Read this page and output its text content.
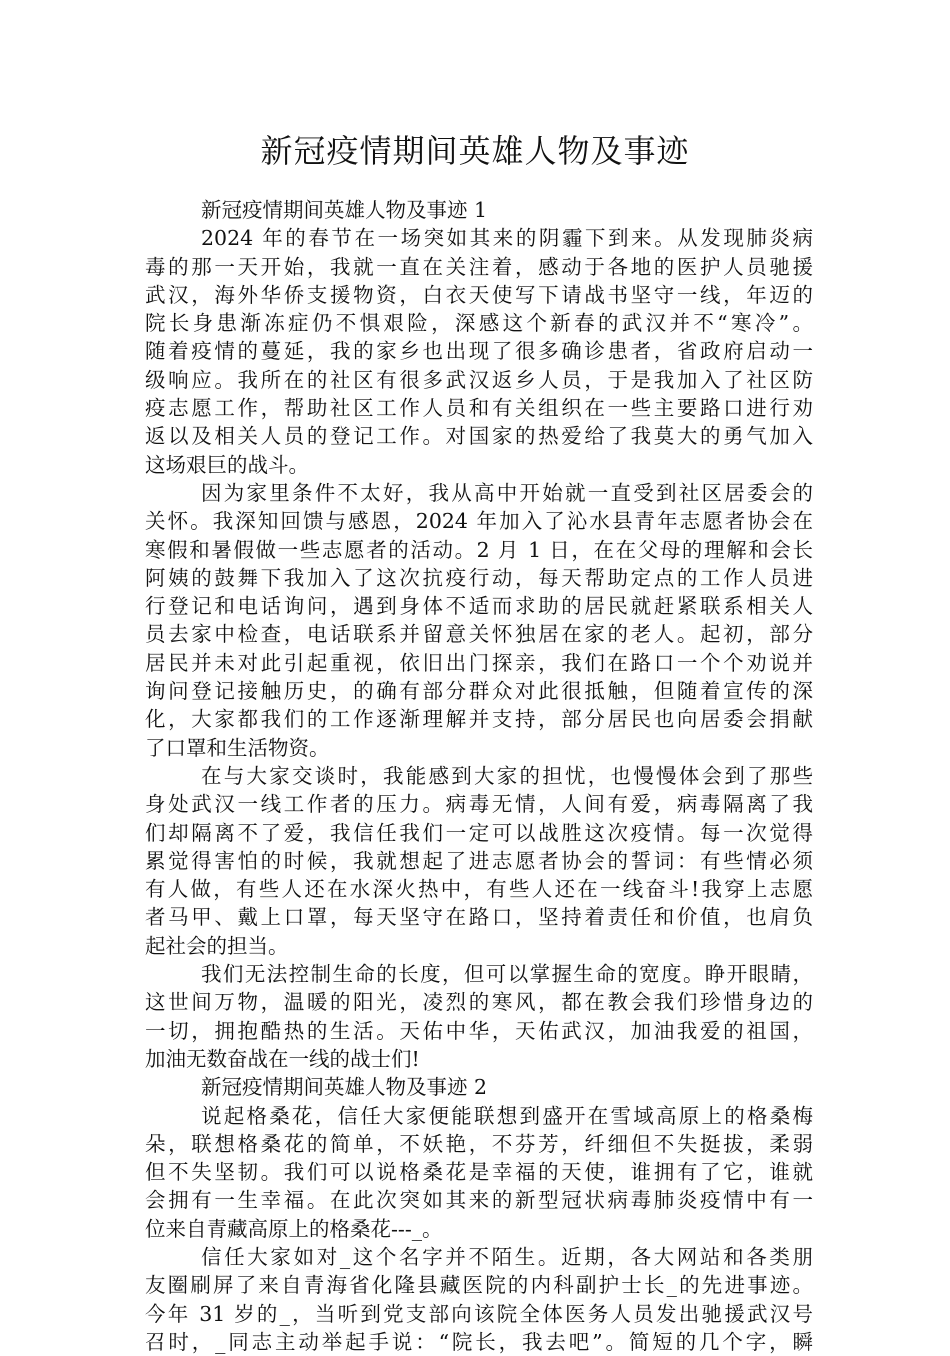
新冠疫情期间英雄人物及事迹
新冠疫情期间英雄人物及事迹 1
2024 年的春节在一场突如其来的阴霾下到来。从发现肺炎病
毒的那一天开始，我就一直在关注着，感动于各地的医护人员驰援
武汉，海外华侨支援物资，白衣天使写下请战书坚守一线，年迈的
院长身患渐冻症仍不惧艰险，深感这个新春的武汉并不“寒冷”。
随着疫情的蔓延，我的家乡也出现了很多确诊患者，省政府启动一
级响应。我所在的社区有很多武汉返乡人员，于是我加入了社区防
疫志愿工作，帮助社区工作人员和有关组织在一些主要路口进行劝
返以及相关人员的登记工作。对国家的热爱给了我莫大的勇气加入
这场艰巨的战斗。
因为家里条件不太好，我从高中开始就一直受到社区居委会的
关怀。我深知回馈与感恩，2024 年加入了沁水县青年志愿者协会在
寒假和暑假做一些志愿者的活动。2 月 1 日，在在父母的理解和会长
阿姨的鼓舞下我加入了这次抗疫行动，每天帮助定点的工作人员进
行登记和电话询问，遇到身体不适而求助的居民就赶紧联系相关人
员去家中检查，电话联系并留意关怀独居在家的老人。起初，部分
居民并未对此引起重视，依旧出门探亲，我们在路口一个个劝说并
询问登记接触历史，的确有部分群众对此很抵触，但随着宣传的深
化，大家都我们的工作逐渐理解并支持，部分居民也向居委会捐献
了口罩和生活物资。
在与大家交谈时，我能感到大家的担忧，也慢慢体会到了那些
身处武汉一线工作者的压力。病毒无情，人间有爱，病毒隔离了我
们却隔离不了爱，我信任我们一定可以战胜这次疫情。每一次觉得
累觉得害怕的时候，我就想起了进志愿者协会的誓词：有些情必须
有人做，有些人还在水深火热中，有些人还在一线奋斗!我穿上志愿
者马甲、戴上口罩，每天坚守在路口，坚持着责任和价值，也肩负
起社会的担当。
我们无法控制生命的长度，但可以掌握生命的宽度。睁开眼睛，
这世间万物，温暖的阳光，凌烈的寒风，都在教会我们珍惜身边的
一切，拥抱酷热的生活。天佑中华，天佑武汉，加油我爱的祖国，
加油无数奋战在一线的战士们!
新冠疫情期间英雄人物及事迹 2
说起格桑花，信任大家便能联想到盛开在雪域高原上的格桑梅
朵，联想格桑花的简单，不妖艳，不芬芳，纤细但不失挺拔，柔弱
但不失坚韧。我们可以说格桑花是幸福的天使，谁拥有了它，谁就
会拥有一生幸福。在此次突如其来的新型冠状病毒肺炎疫情中有一
位来自青藏高原上的格桑花---_。
信任大家如对_这个名字并不陌生。近期，各大网站和各类朋
友圈刷屏了来自青海省化隆县藏医院的内科副护士长_的先进事迹。
今年 31 岁的_，当听到党支部向该院全体医务人员发出驰援武汉号
召时，_同志主动举起手说：“院长，我去吧”。简短的几个字，瞬
